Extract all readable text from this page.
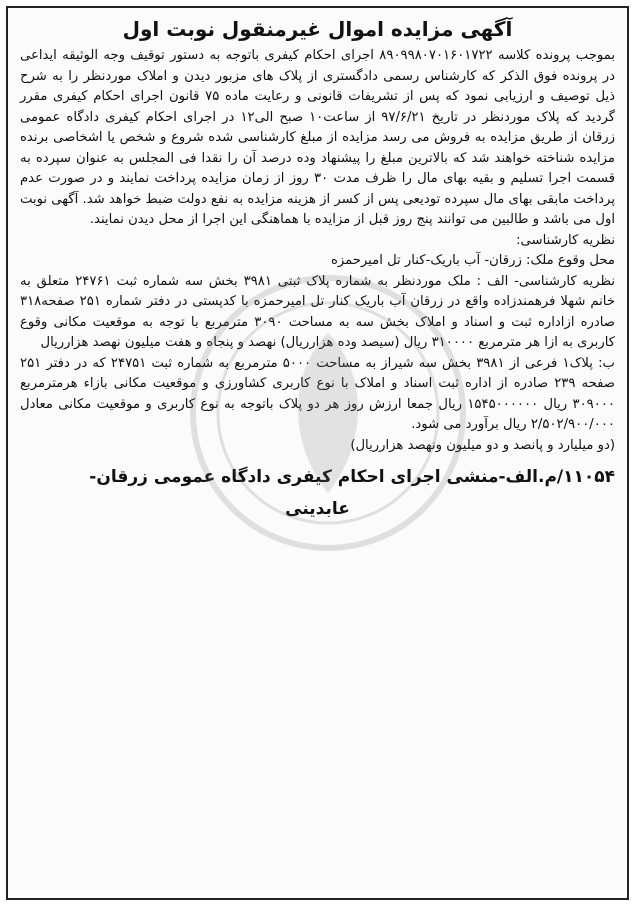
آگهی مزایده اموال غیرمنقول نوبت اول

بموجب پرونده کلاسه ۸۹۰۹۹۸۰۷۰۱۶۰۱۷۲۲ اجرای احکام کیفری باتوجه به دستور توقیف وجه الوثیقه ایداعی در پرونده فوق الذکر که کارشناس رسمی دادگستری از پلاک های مزبور دیدن و املاک موردنظر را به شرح ذیل توصیف و ارزیابی نمود که پس از تشریفات قانونی و رعایت ماده ۷۵ قانون اجرای احکام کیفری مقرر گردید که پلاک موردنظر در تاریخ ۹۷/۶/۲۱ از ساعت۱۰ صبح الی۱۲ در اجرای احکام کیفری دادگاه عمومی زرقان از طریق مزایده به فروش می رسد مزایده از مبلغ کارشناسی شده شروع و شخص یا اشخاصی برنده مزایده شناخته خواهند شد که بالاترین مبلغ را پیشنهاد وده درصد آن را نقدا فی المجلس به عنوان سپرده به قسمت اجرا تسلیم و بقیه بهای مال را ظرف مدت ۳۰ روز از زمان مزایده پرداخت نمایند و در صورت عدم پرداخت مابقی بهای مال سپرده تودیعی پس از کسر از هزینه مزایده به نفع دولت ضبط خواهد شد. آگهی نوبت اول می باشد و طالبین می توانند پنج روز قبل از مزایده با هماهنگی این اجرا از محل دیدن نمایند.

نظریه کارشناسی:

محل وقوع ملک: زرقان- آب باریک-کنار تل امیرحمزه

نظریه کارشناسی- الف : ملک موردنظر به شماره پلاک ثبتی ۳۹۸۱ بخش سه شماره ثبت ۲۴۷۶۱ متعلق به خانم شهلا فرهمندزاده واقع در زرقان آب باریک کنار تل امیرحمزه با کدپستی در دفتر شماره ۲۵۱ صفحه۳۱۸ صادره ازاداره ثبت و اسناد و املاک بخش سه به مساحت ۳۰۹۰ مترمربع با توجه به موقعیت مکانی وقوع کاربری به ازا هر مترمربع ۳۱۰۰۰۰ ریال (سیصد وده هزارریال) نهصد و پنجاه و هفت میلیون نهصد هزارریال

ب: پلاک۱ فرعی از ۳۹۸۱ بخش سه شیراز به مساحت ۵۰۰۰ مترمربع به شماره ثبت ۲۴۷۵۱ که در دفتر ۲۵۱ صفحه ۲۳۹ صادره از اداره ثبت اسناد و املاک با نوع کاربری کشاورزی و موقعیت مکانی بازاء هرمترمربع ۳۰۹۰۰۰ ریال ۱۵۴۵۰۰۰۰۰۰ ریال جمعا ارزش روز هر دو پلاک باتوجه به نوع کاربری و موقعیت مکانی معادل ۲/۵۰۲/۹۰۰/۰۰۰ ریال برآورد می شود.

(دو میلیارد و پانصد و دو میلیون ونهصد هزارریال)

۱۱۰۵۴/م.الف-منشی اجرای احکام کیفری دادگاه عمومی زرقان-

عابدینی
